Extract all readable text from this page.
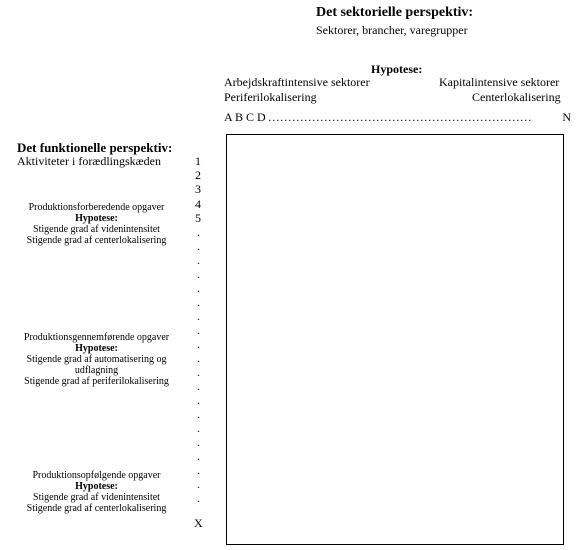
Det sektorielle perspektiv:
Sektorer, brancher, varegrupper
Hypotese:
Arbejdskraftintensive sektorer	Kapitalintensive sektorer
Periferilokalisering	Centerlokalisering
A B C D …………………………………………………………	N
Det funktionelle perspektiv:
Aktiviteter i forædlingskæden	1
2
3
4
5
.
.
.
.
.
.
.
.
.
.
.
.
.
.
.
.
.
.
.
.
X
Produktionsforberedende opgaver
Hypotese:
Stigende grad af videnintensitet
Stigende grad af centerlokalisering
Produktionsgennemførende opgaver
Hypotese:
Stigende grad af automatisering og
udflagning
Stigende grad af periferilokalisering
Produktionsopfølgende opgaver
Hypotese:
Stigende grad af videnintensitet
Stigende grad af centerlokalisering
